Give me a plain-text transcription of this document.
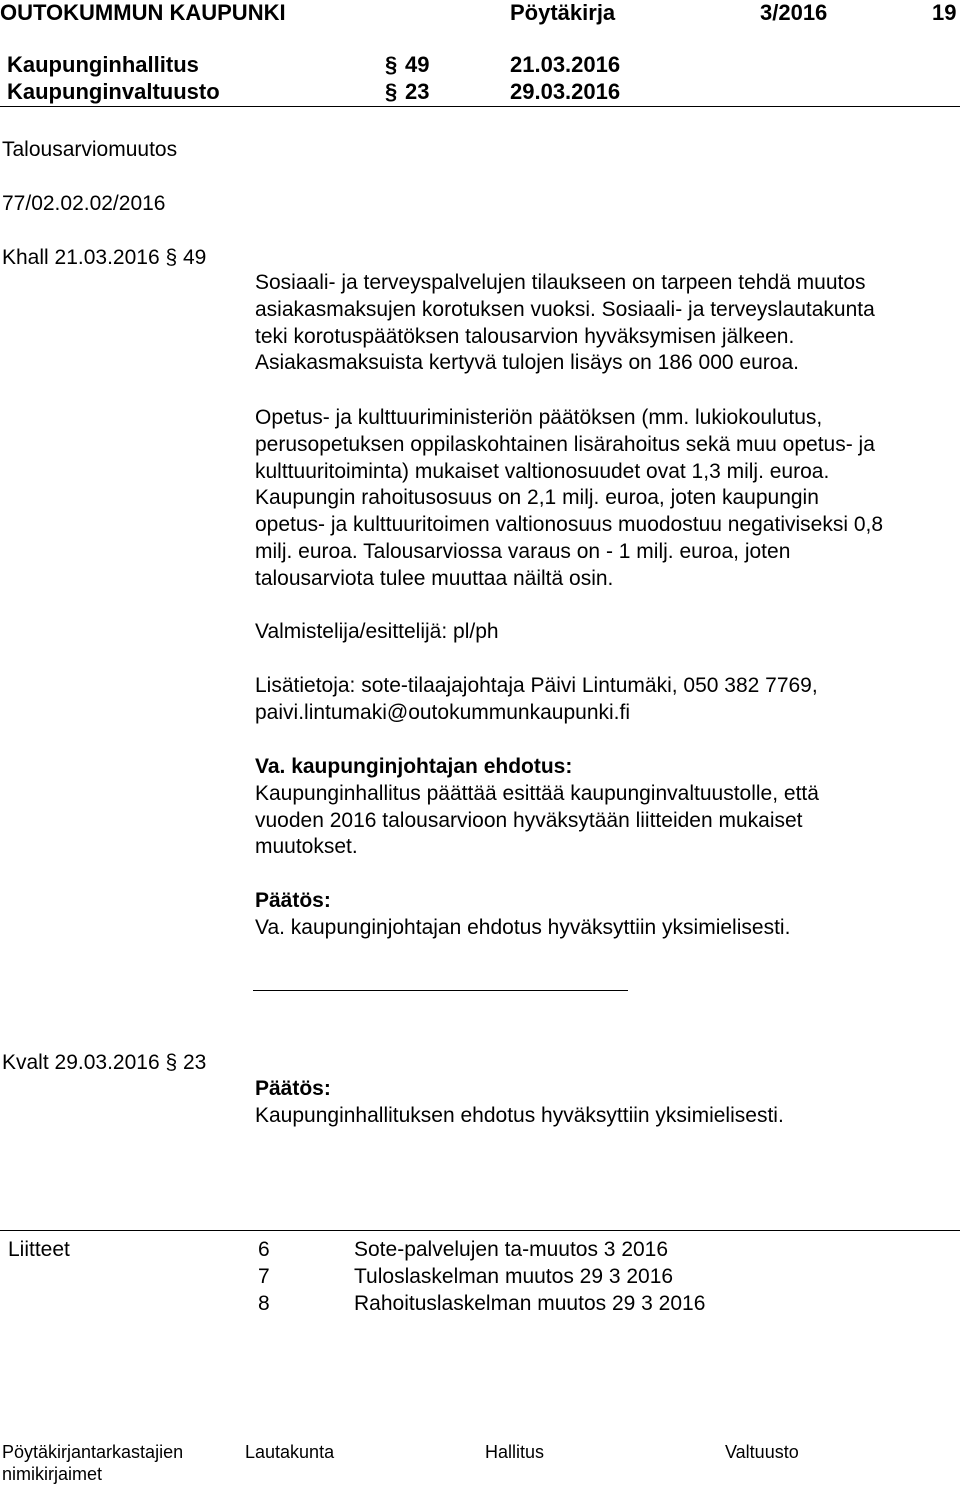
OUTOKUMMUN KAUPUNKI	Pöytäkirja	3/2016	19
Kaupunginhallitus	§ 49	21.03.2016
Kaupunginvaltuusto	§ 23	29.03.2016
Talousarviomuutos
77/02.02.02/2016
Khall 21.03.2016 § 49
Sosiaali- ja terveyspalvelujen tilaukseen on tarpeen tehdä muutos
asiakasmaksujen korotuksen vuoksi. Sosiaali- ja terveyslautakunta
teki korotuspäätöksen talousarvion hyväksymisen jälkeen.
Asiakasmaksuista kertyvä tulojen lisäys on 186 000 euroa.
Opetus- ja kulttuuriministeriön päätöksen (mm. lukiokoulutus,
perusopetuksen oppilaskohtainen lisärahoitus sekä muu opetus- ja
kulttuuritoiminta) mukaiset valtionosuudet ovat 1,3 milj. euroa.
Kaupungin rahoitusosuus on 2,1 milj. euroa, joten kaupungin
opetus- ja kulttuuritoimen valtionosuus muodostuu negativiseksi 0,8
milj. euroa. Talousarviossa varaus on - 1 milj. euroa, joten
talousarviota tulee muuttaa näiltä osin.
Valmistelija/esittelijä: pl/ph
Lisätietoja: sote-tilaajajohtaja Päivi Lintumäki, 050 382 7769,
paivi.lintumaki@outokummunkaupunki.fi
Va. kaupunginjohtajan ehdotus:
Kaupunginhallitus päättää esittää kaupunginvaltuustolle, että
vuoden 2016 talousarvioon hyväksytään liitteiden mukaiset
muutokset.
Päätös:
Va. kaupunginjohtajan ehdotus hyväksyttiin yksimielisesti.
Kvalt 29.03.2016 § 23
Päätös:
Kaupunginhallituksen ehdotus hyväksyttiin yksimielisesti.
Liitteet	6	Sote-palvelujen ta-muutos 3 2016
7	Tuloslaskelman muutos 29 3 2016
8	Rahoituslaskelman muutos 29 3 2016
Pöytäkirjantarkastajien
nimikirjaimet
Lautakunta	Hallitus	Valtuusto
